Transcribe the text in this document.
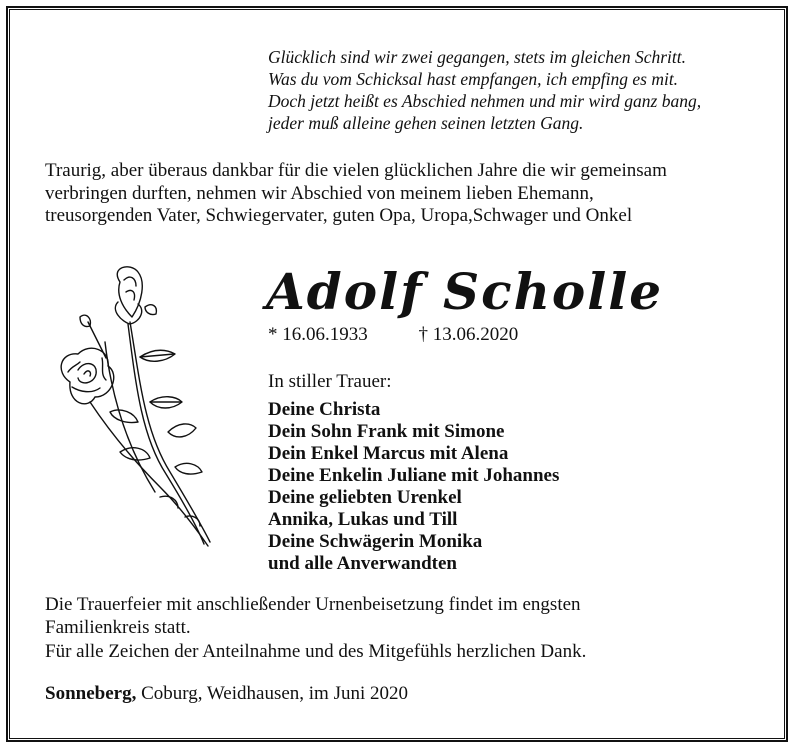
Glücklich sind wir zwei gegangen, stets im gleichen Schritt.
Was du vom Schicksal hast empfangen, ich empfing es mit.
Doch jetzt heißt es Abschied nehmen und mir wird ganz bang,
jeder muß alleine gehen seinen letzten Gang.
Traurig, aber überaus dankbar für die vielen glücklichen Jahre die wir gemeinsam
verbringen durften, nehmen wir Abschied von meinem lieben Ehemann,
treusorgenden Vater, Schwiegervater, guten Opa, Uropa,Schwager und Onkel
Adolf Scholle
* 16.06.1933	† 13.06.2020
In stiller Trauer:
Deine Christa
Dein Sohn Frank mit Simone
Dein Enkel Marcus mit Alena
Deine Enkelin Juliane mit Johannes
Deine geliebten Urenkel
Annika, Lukas und Till
Deine Schwägerin Monika
und alle Anverwandten
Die Trauerfeier mit anschließender Urnenbeisetzung findet im engsten
Familienkreis statt.
Für alle Zeichen der Anteilnahme und des Mitgefühls herzlichen Dank.
Sonneberg, Coburg, Weidhausen, im Juni 2020
